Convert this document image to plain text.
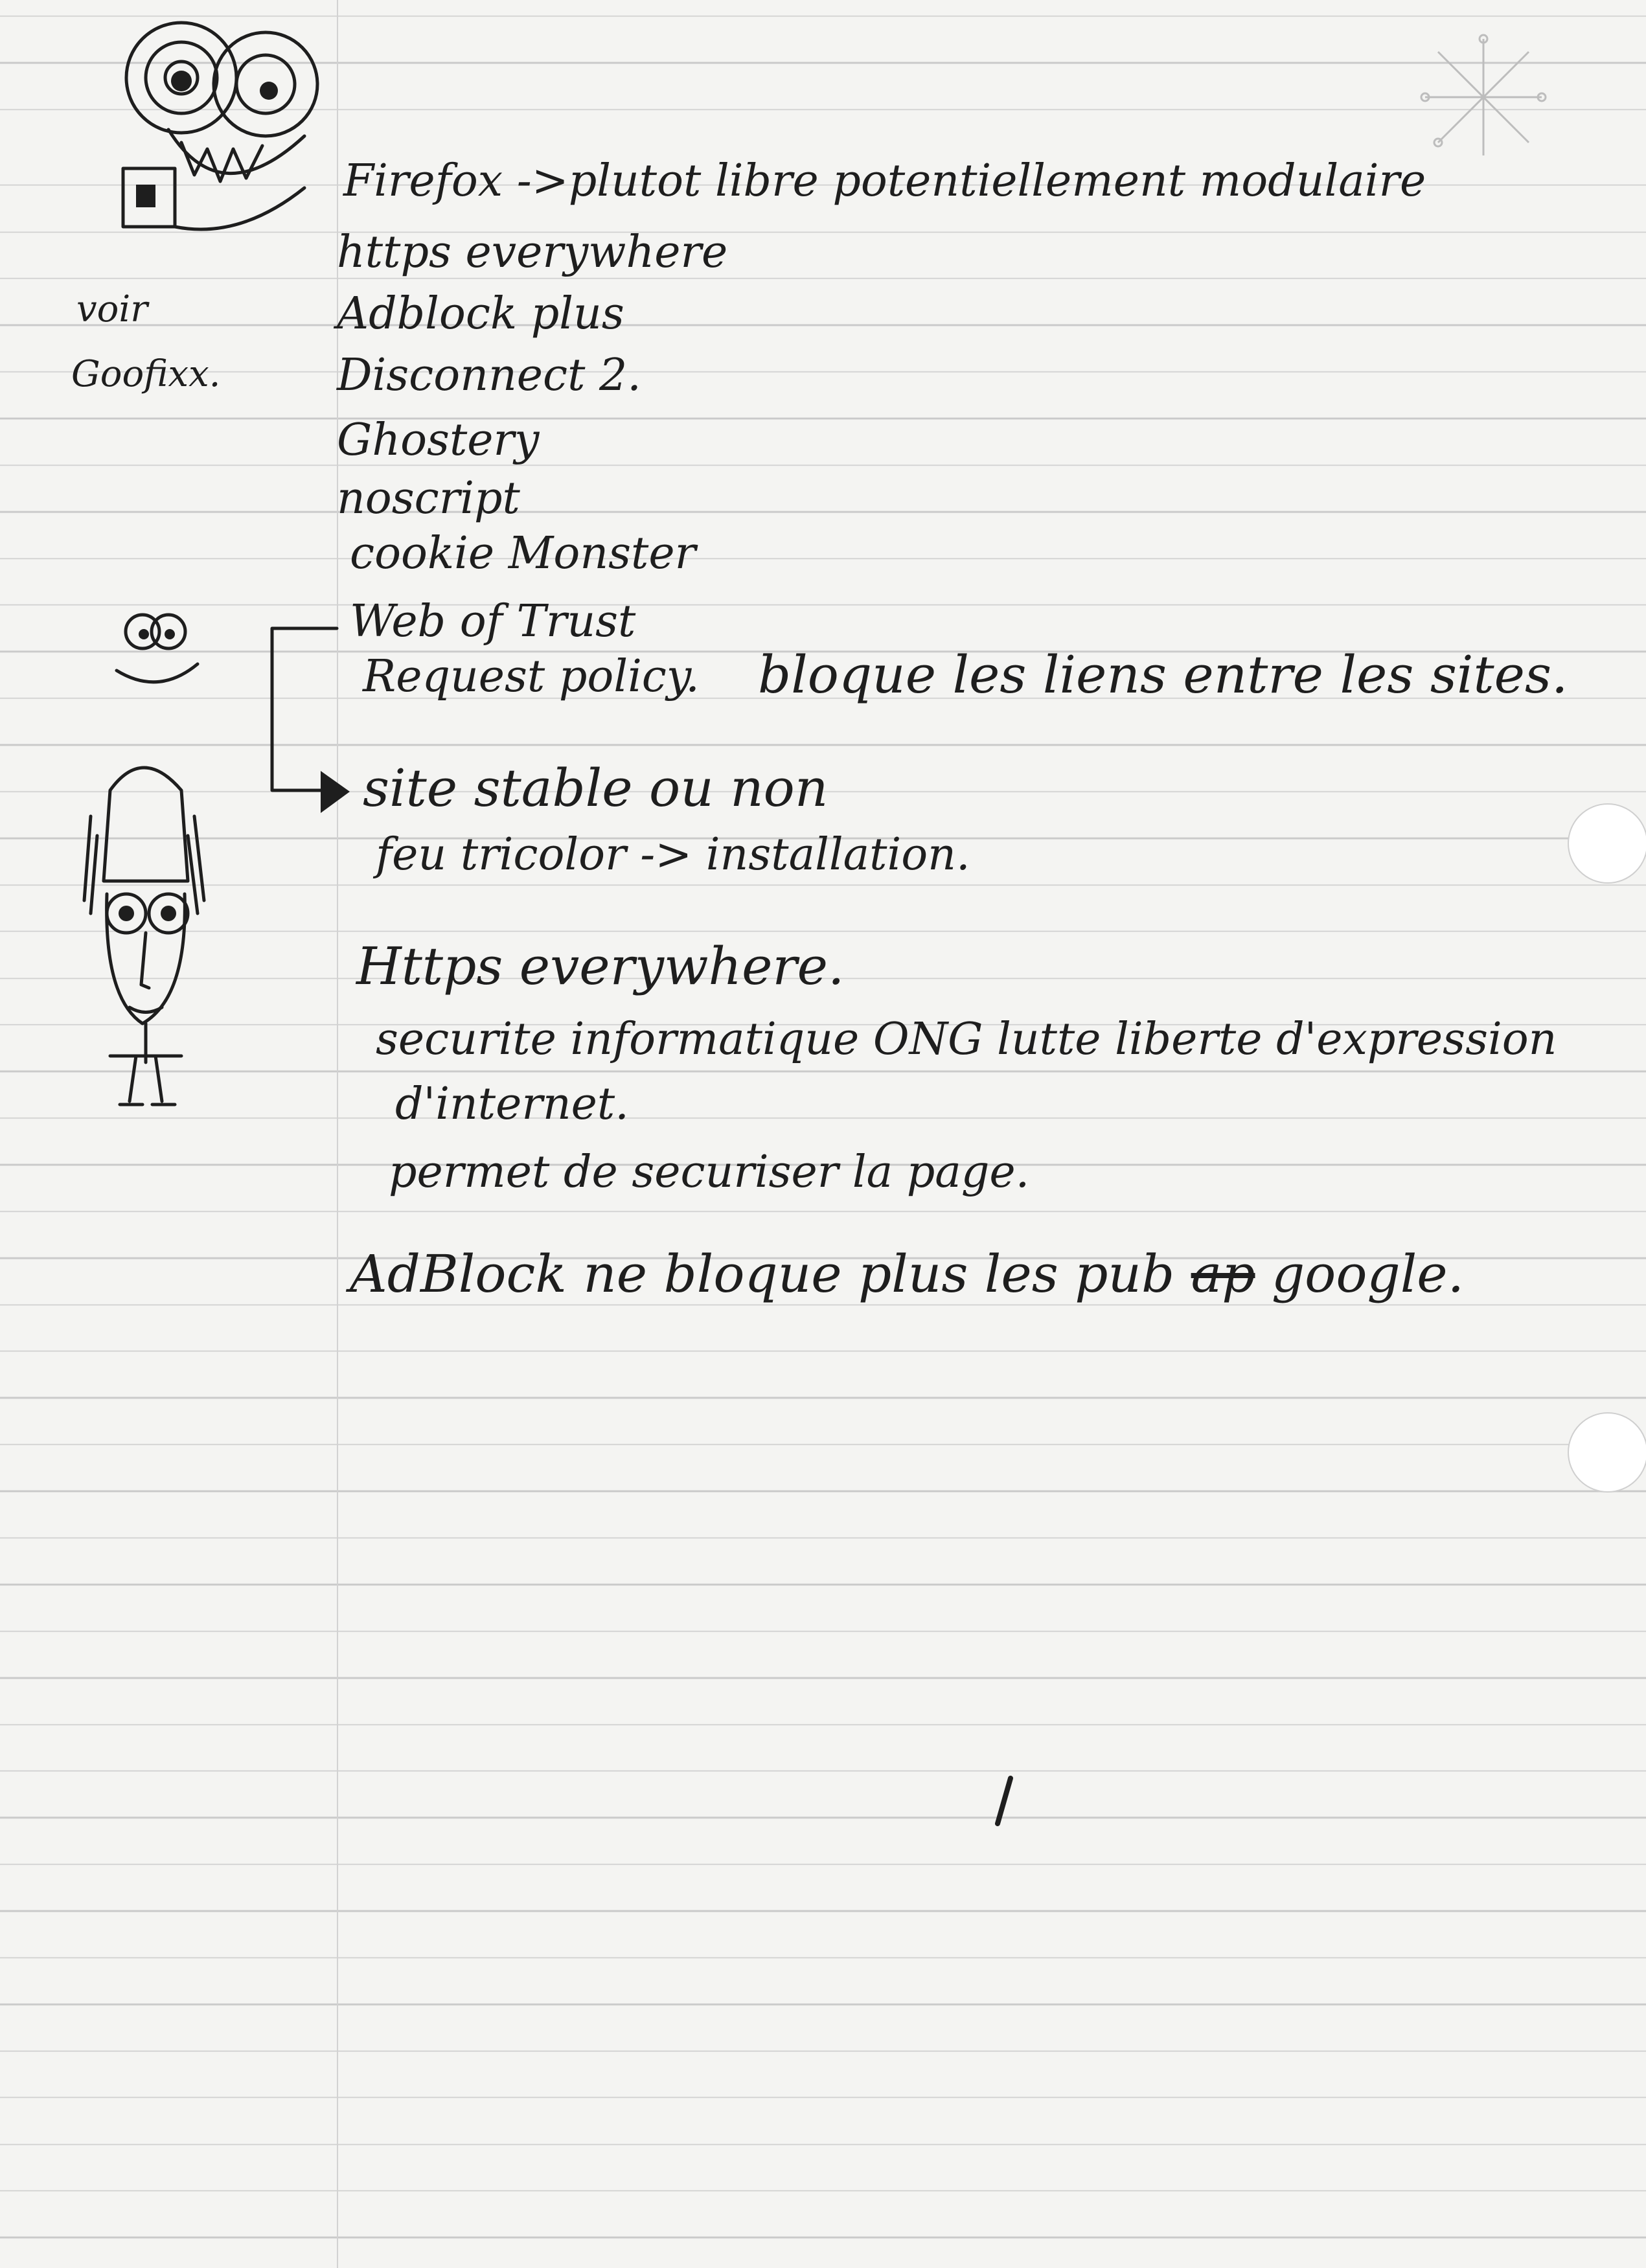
voir
Goofixx.
Firefox ->plutot libre potentiellement modulaire
https everywhere
Adblock plus
Disconnect 2.
Ghostery
noscript
cookie Monster
Web of Trust
Request policy. bloque les liens entre les sites.
site stable ou non
feu tricolor -> installation.
Https everywhere.
securite informatique ONG lutte liberte d'expression
d'internet.
permet de securiser la page.
AdBlock ne bloque plus les pub ap google.
